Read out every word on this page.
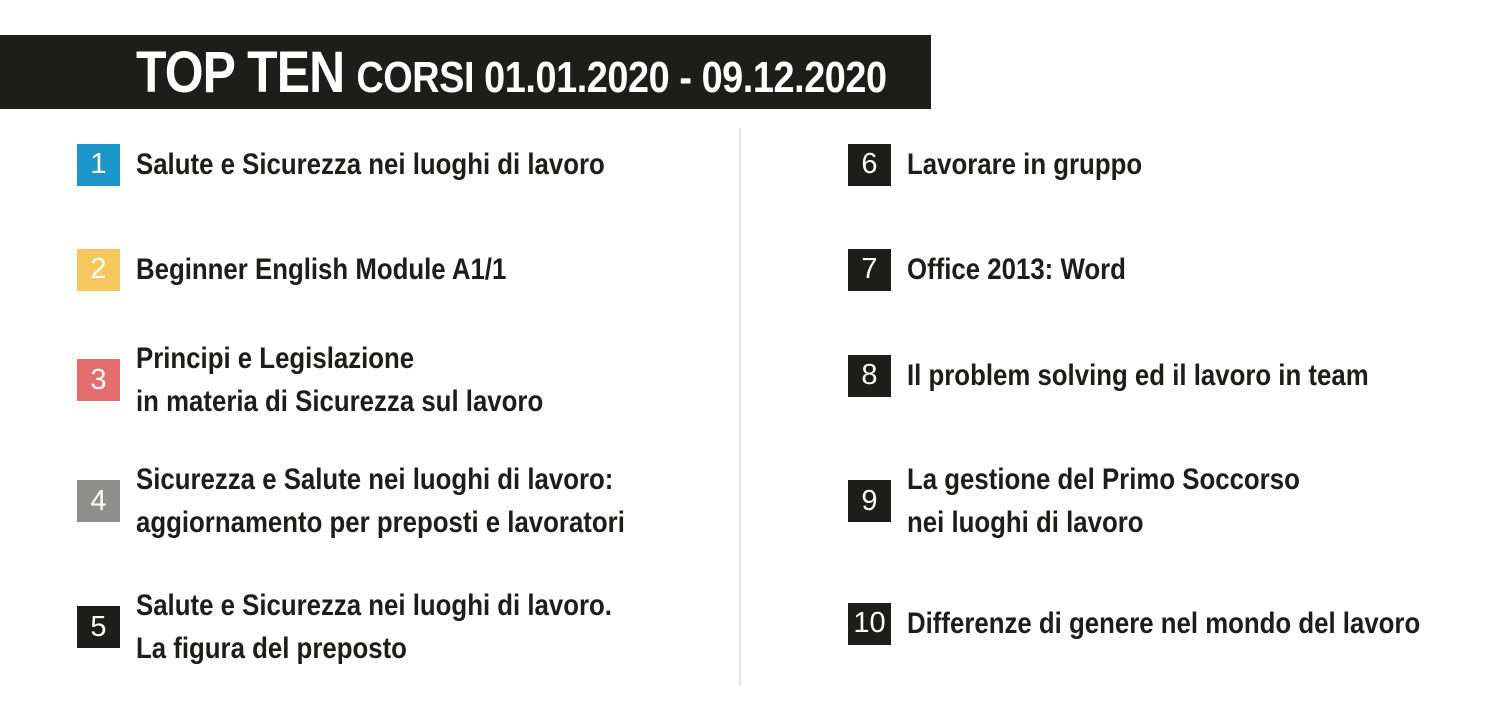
TOP TEN CORSI 01.01.2020 - 09.12.2020
1 Salute e Sicurezza nei luoghi di lavoro
2 Beginner English Module A1/1
3
Principi e Legislazione
in materia di Sicurezza sul lavoro
4
Sicurezza e Salute nei luoghi di lavoro:
aggiornamento per preposti e lavoratori
5
Salute e Sicurezza nei luoghi di lavoro.
La figura del preposto
6 Lavorare in gruppo
7 Office 2013: Word
8 Il problem solving ed il lavoro in team
9
La gestione del Primo Soccorso
nei luoghi di lavoro
10 Differenze di genere nel mondo del lavoro
